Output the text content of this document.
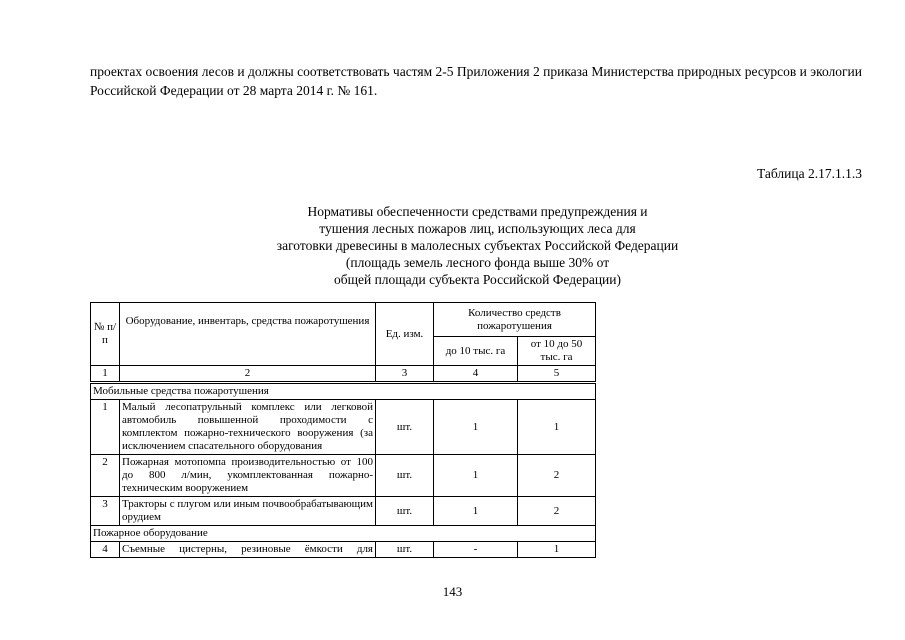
проектах освоения лесов и должны соответствовать частям 2-5 Приложения 2 приказа Министерства природных ресурсов и экологии Российской Федерации от 28 марта 2014 г. № 161.

Таблица 2.17.1.1.3

Нормативы обеспеченности средствами предупреждения и
тушения лесных пожаров лиц, использующих леса для
заготовки древесины в малолесных субъектах Российской Федерации
(площадь земель лесного фонда выше 30% от
общей площади субъекта Российской Федерации)
№ п/п	Оборудование, инвентарь, средства пожаротушения	Ед. изм.	Количество средств пожаротушения	
			до 10 тыс. га	от 10 до 50 тыс. га
1	2	3	4	5
Мобильные средства пожаротушения				
1	Малый лесопатрульный комплекс или легковой автомобиль повышенной проходимости с комплектом пожарно-технического вооружения (за исключением спасательного оборудования	шт.	1	1
2	Пожарная мотопомпа производительностью от 100 до 800 л/мин, укомплектованная пожарно-техническим вооружением	шт.	1	2
3	Тракторы с плугом или иным почвообрабатывающим орудием	шт.	1	2
Пожарное оборудование				
4	Съемные цистерны, резиновые ёмкости для	шт.	-	1

143
